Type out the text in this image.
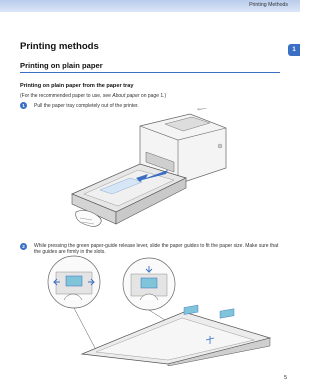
Printing Methods
1
Printing methods
Printing on plain paper
Printing on plain paper from the paper tray
(For the recommended paper to use, see About paper on page 1.)
1	Pull the paper tray completely out of the printer.
2	While pressing the green paper-guide release lever, slide the paper guides to fit the paper size. Make sure that the guides are firmly in the slots.
5
